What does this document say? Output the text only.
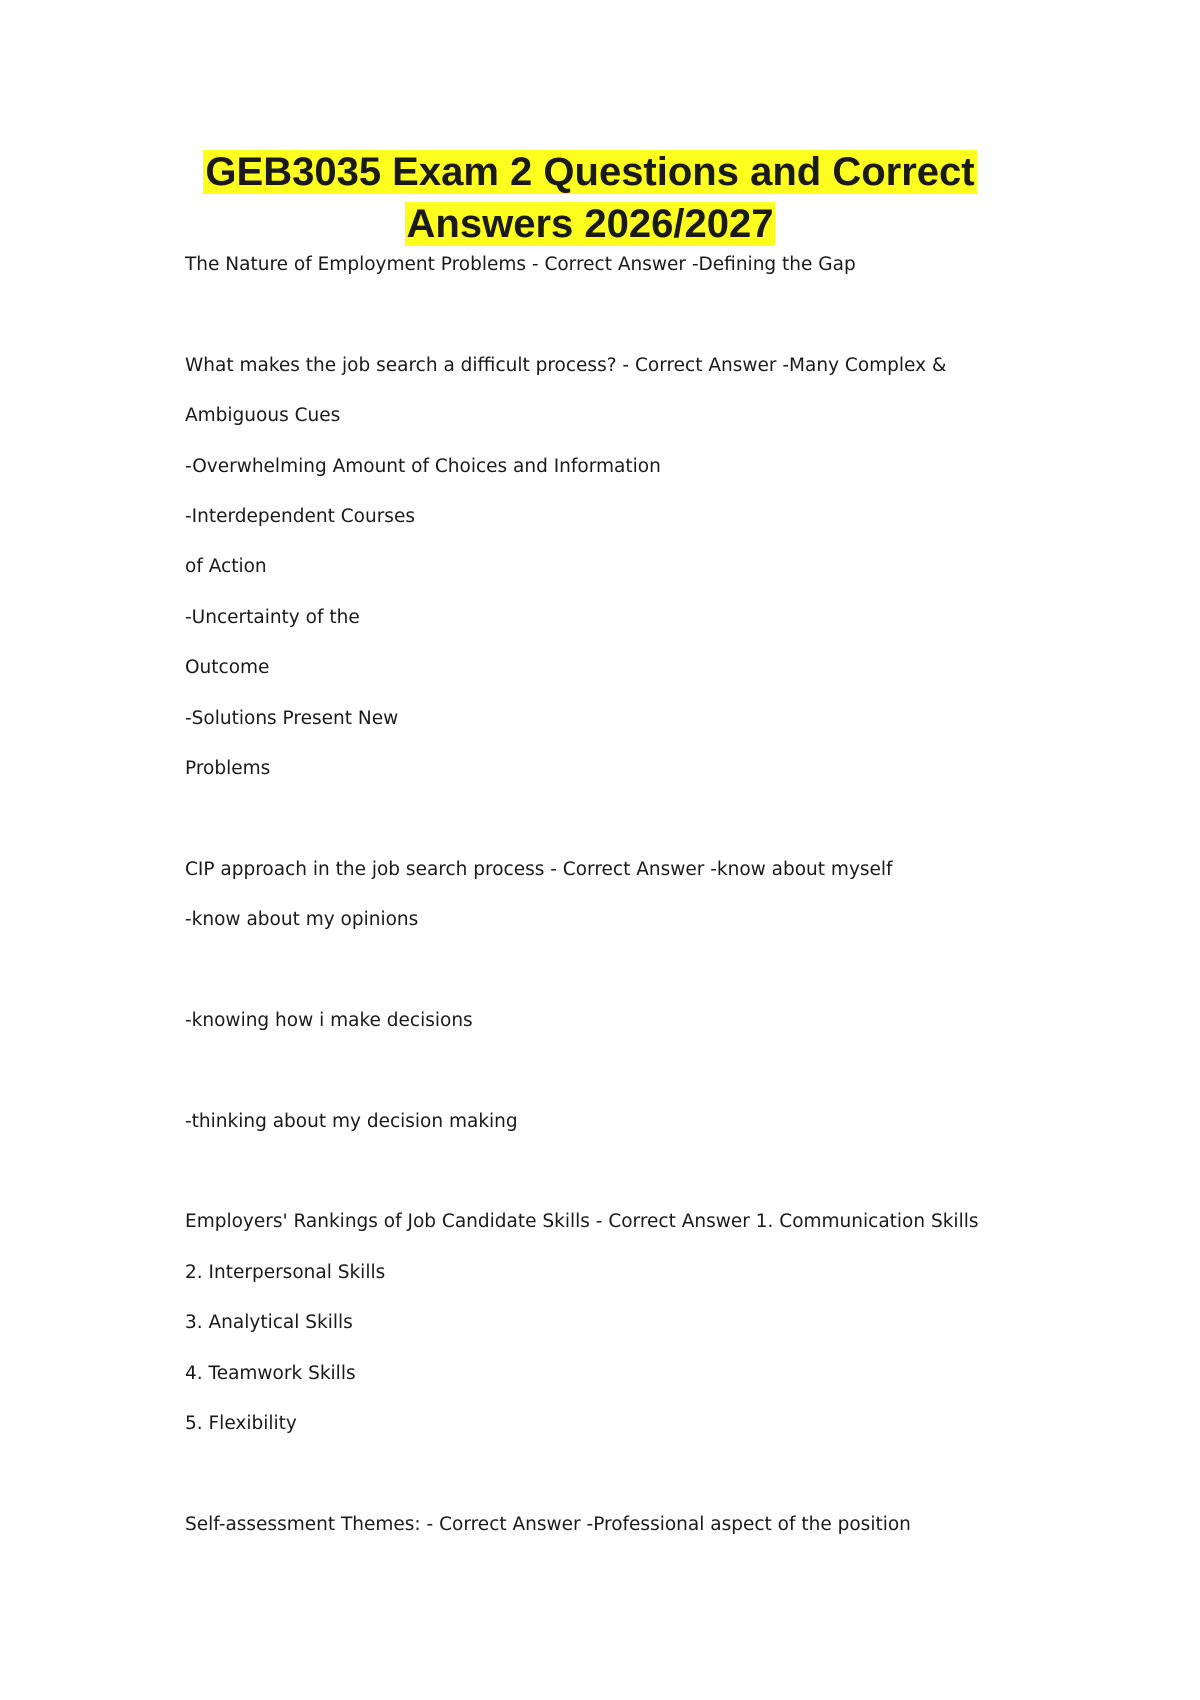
GEB3035 Exam 2 Questions and Correct
Answers 2026/2027

The Nature of Employment Problems - Correct Answer -Defining the Gap

What makes the job search a difficult process? - Correct Answer -Many Complex &

Ambiguous Cues

-Overwhelming Amount of Choices and Information

-Interdependent Courses

of Action

-Uncertainty of the

Outcome

-Solutions Present New

Problems

CIP approach in the job search process - Correct Answer -know about myself

-know about my opinions

-knowing how i make decisions

-thinking about my decision making

Employers' Rankings of Job Candidate Skills - Correct Answer 1. Communication Skills

2. Interpersonal Skills

3. Analytical Skills

4. Teamwork Skills

5. Flexibility

Self-assessment Themes: - Correct Answer -Professional aspect of the position
